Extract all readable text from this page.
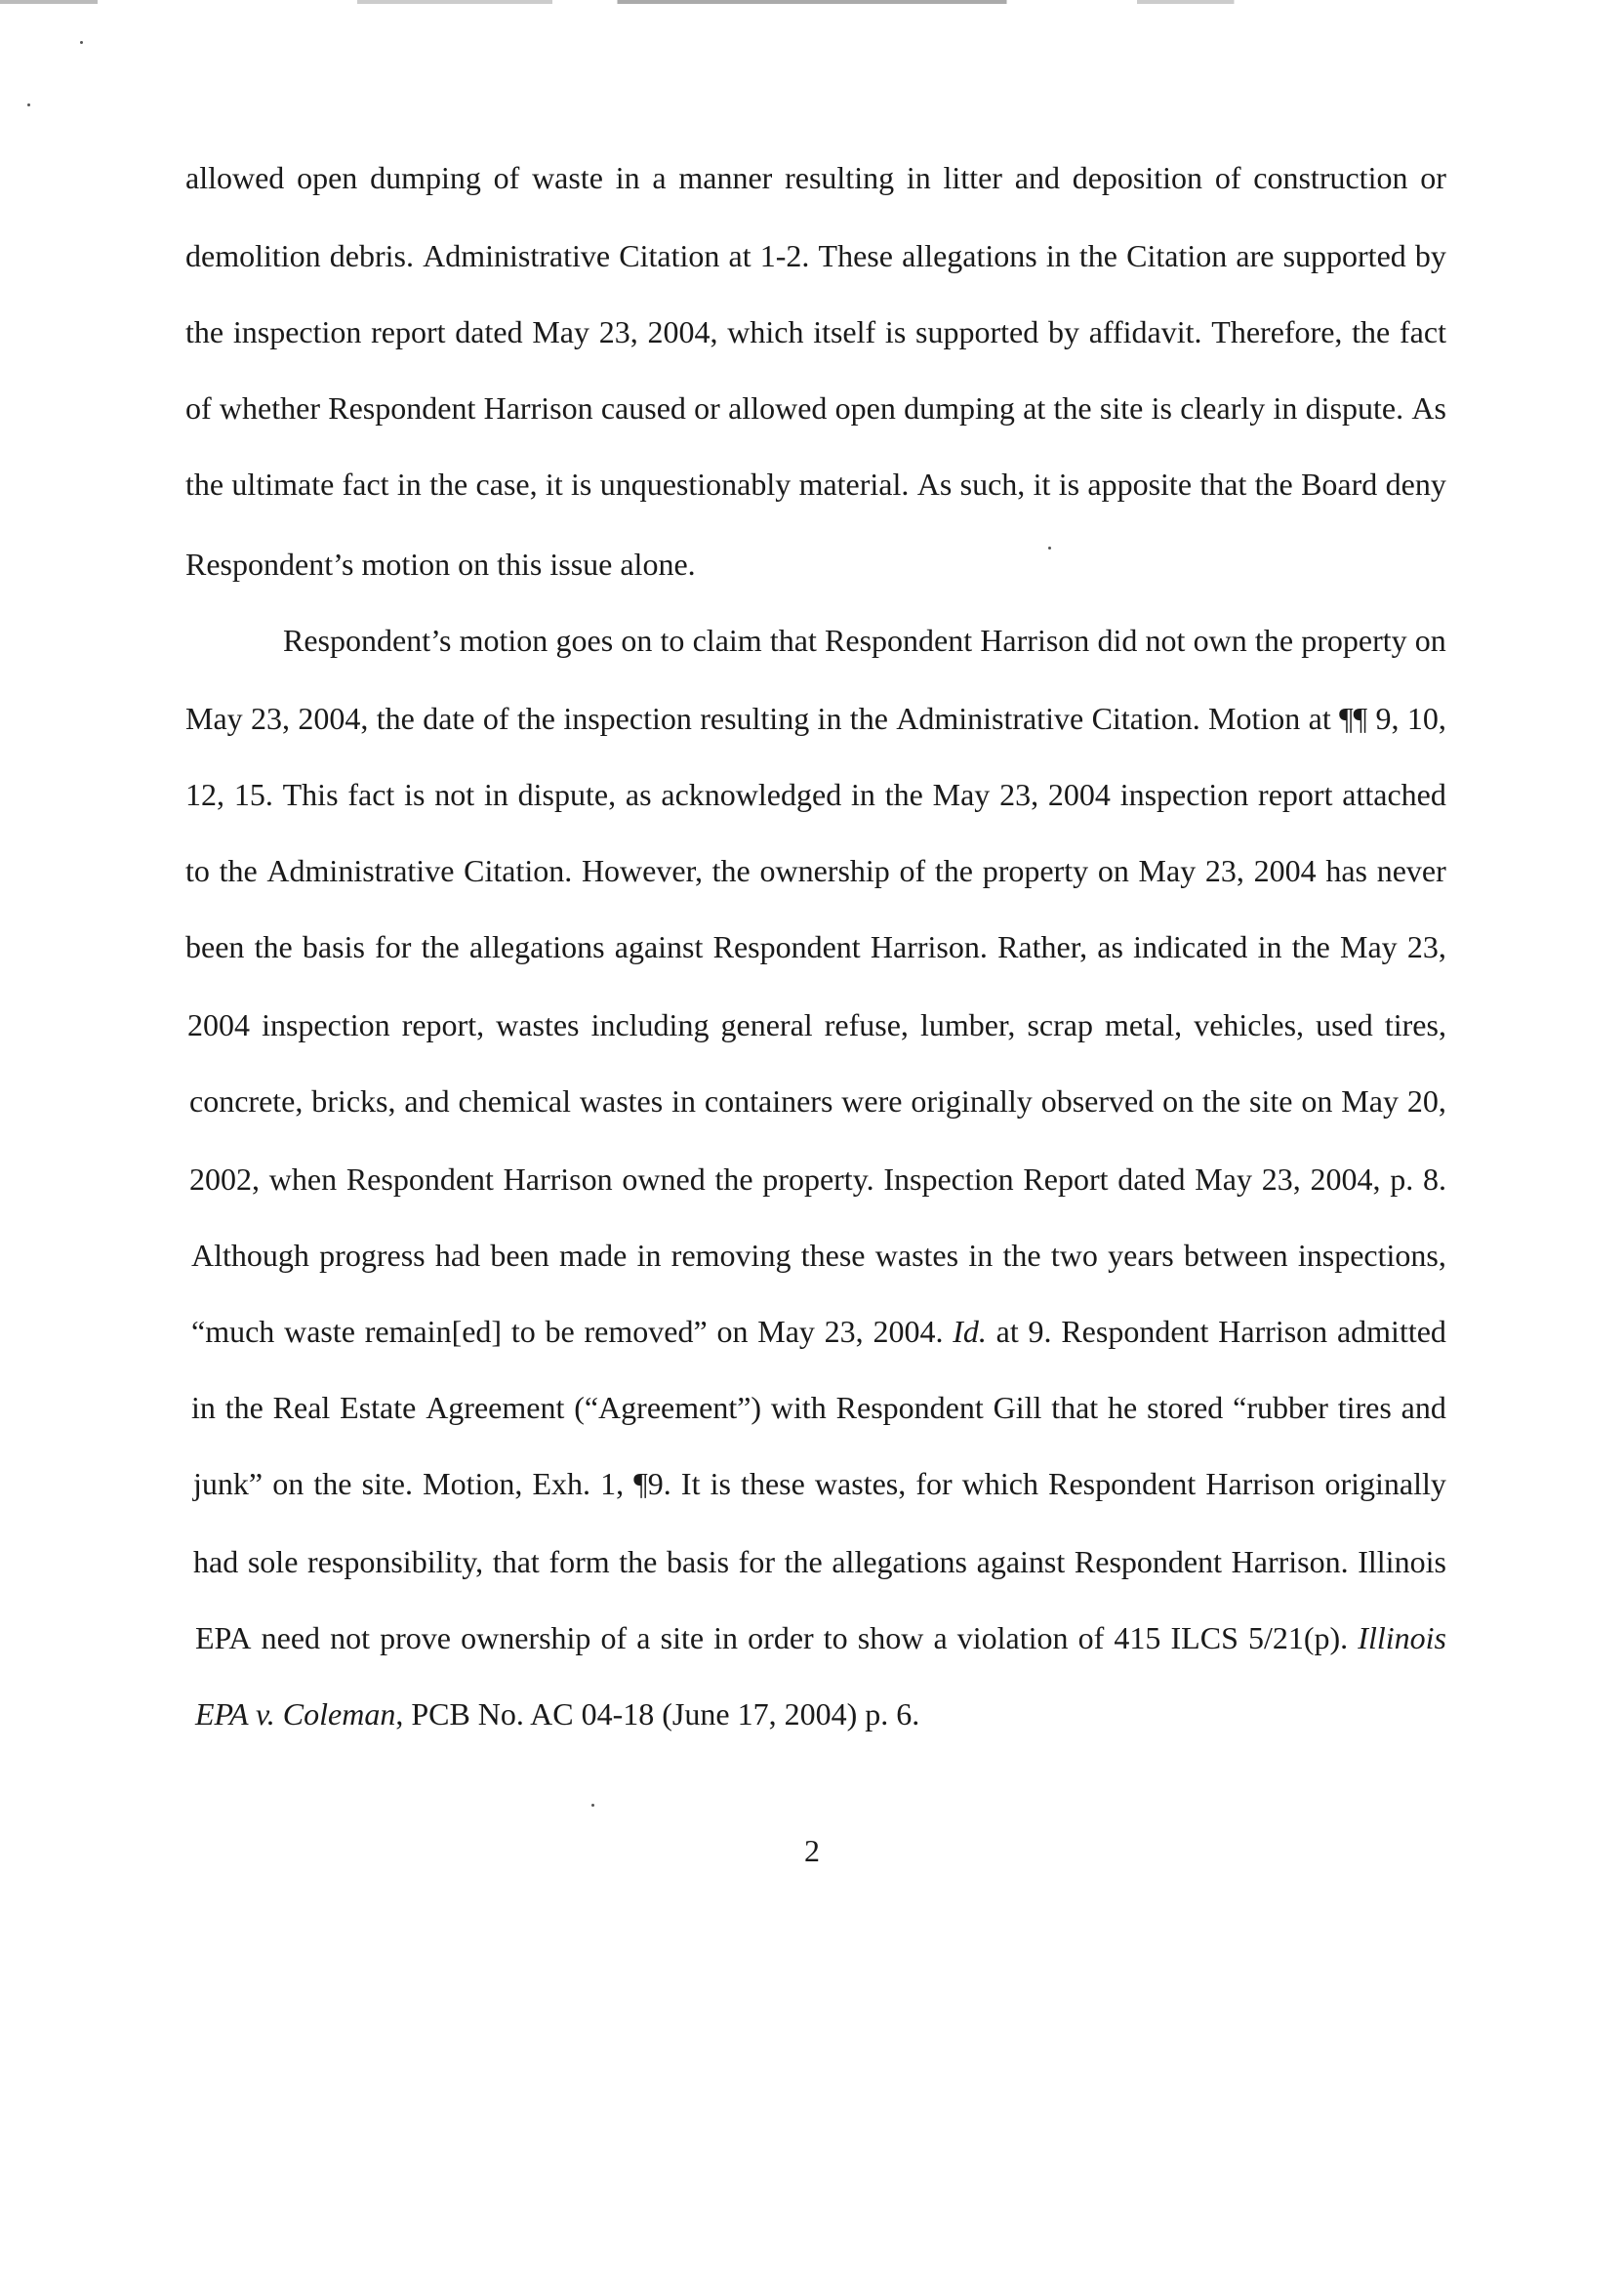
allowed open dumping of waste in a manner resulting in litter and deposition of construction or
demolition debris. Administrative Citation at 1-2. These allegations in the Citation are supported by
the inspection report dated May 23, 2004, which itself is supported by affidavit. Therefore, the fact
of whether Respondent Harrison caused or allowed open dumping at the site is clearly in dispute. As
the ultimate fact in the case, it is unquestionably material. As such, it is apposite that the Board deny
Respondent’s motion on this issue alone.
Respondent’s motion goes on to claim that Respondent Harrison did not own the property on
May 23, 2004, the date of the inspection resulting in the Administrative Citation. Motion at ¶¶ 9, 10,
12, 15. This fact is not in dispute, as acknowledged in the May 23, 2004 inspection report attached
to the Administrative Citation. However, the ownership of the property on May 23, 2004 has never
been the basis for the allegations against Respondent Harrison. Rather, as indicated in the May 23,
2004 inspection report, wastes including general refuse, lumber, scrap metal, vehicles, used tires,
concrete, bricks, and chemical wastes in containers were originally observed on the site on May 20,
2002, when Respondent Harrison owned the property. Inspection Report dated May 23, 2004, p. 8.
Although progress had been made in removing these wastes in the two years between inspections,
“much waste remain[ed] to be removed” on May 23, 2004. Id. at 9. Respondent Harrison admitted
in the Real Estate Agreement (“Agreement”) with Respondent Gill that he stored “rubber tires and
junk” on the site. Motion, Exh. 1, ¶9. It is these wastes, for which Respondent Harrison originally
had sole responsibility, that form the basis for the allegations against Respondent Harrison. Illinois
EPA need not prove ownership of a site in order to show a violation of 415 ILCS 5/21(p). Illinois
EPA v. Coleman, PCB No. AC 04-18 (June 17, 2004) p. 6.
2
